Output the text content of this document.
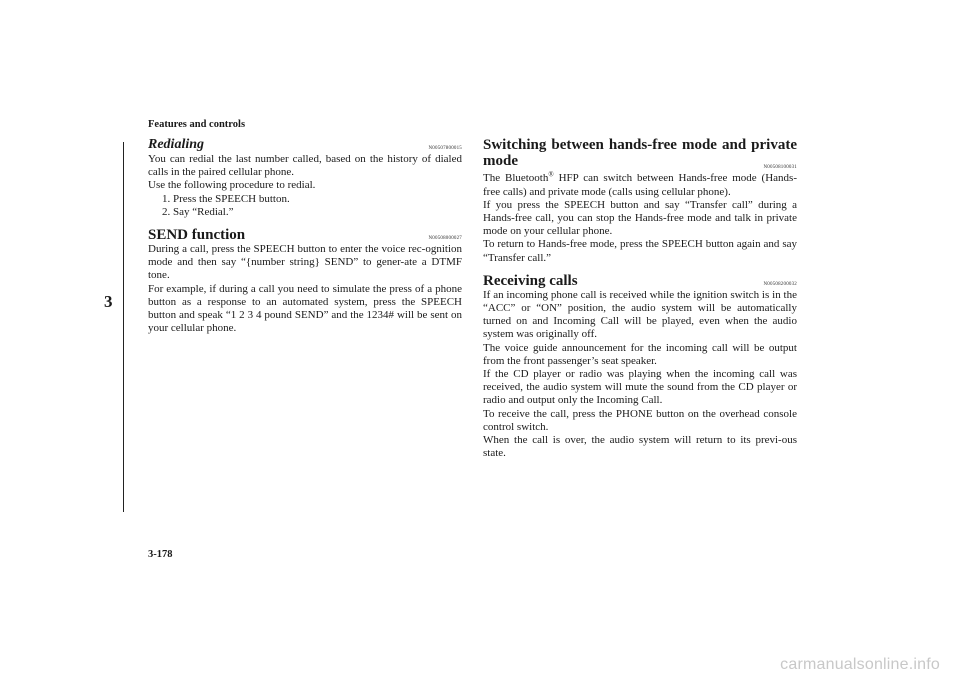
Features and controls
3
Redialing	N00507800015

You can redial the last number called, based on the history of dialed calls in the paired cellular phone.

Use the following procedure to redial.

1. Press the SPEECH button.

2. Say “Redial.”

SEND function	N00508000027

During a call, press the SPEECH button to enter the voice rec-ognition mode and then say “{number string} SEND” to gener-ate a DTMF tone.

For example, if during a call you need to simulate the press of a phone button as a response to an automated system, press the SPEECH button and speak “1 2 3 4 pound SEND” and the 1234# will be sent on your cellular phone.

Switching between hands-free mode and private mode	N00508100031

The Bluetooth® HFP can switch between Hands-free mode (Hands-free calls) and private mode (calls using cellular phone).

If you press the SPEECH button and say “Transfer call” during a Hands-free call, you can stop the Hands-free mode and talk in private mode on your cellular phone.

To return to Hands-free mode, press the SPEECH button again and say “Transfer call.”

Receiving calls	N00508200032

If an incoming phone call is received while the ignition switch is in the “ACC” or “ON” position, the audio system will be automatically turned on and Incoming Call will be played, even when the audio system was originally off.

The voice guide announcement for the incoming call will be output from the front passenger’s seat speaker.

If the CD player or radio was playing when the incoming call was received, the audio system will mute the sound from the CD player or radio and output only the Incoming Call.

To receive the call, press the PHONE button on the overhead console control switch.

When the call is over, the audio system will return to its previ-ous state.

3-178
carmanualsonline.info
